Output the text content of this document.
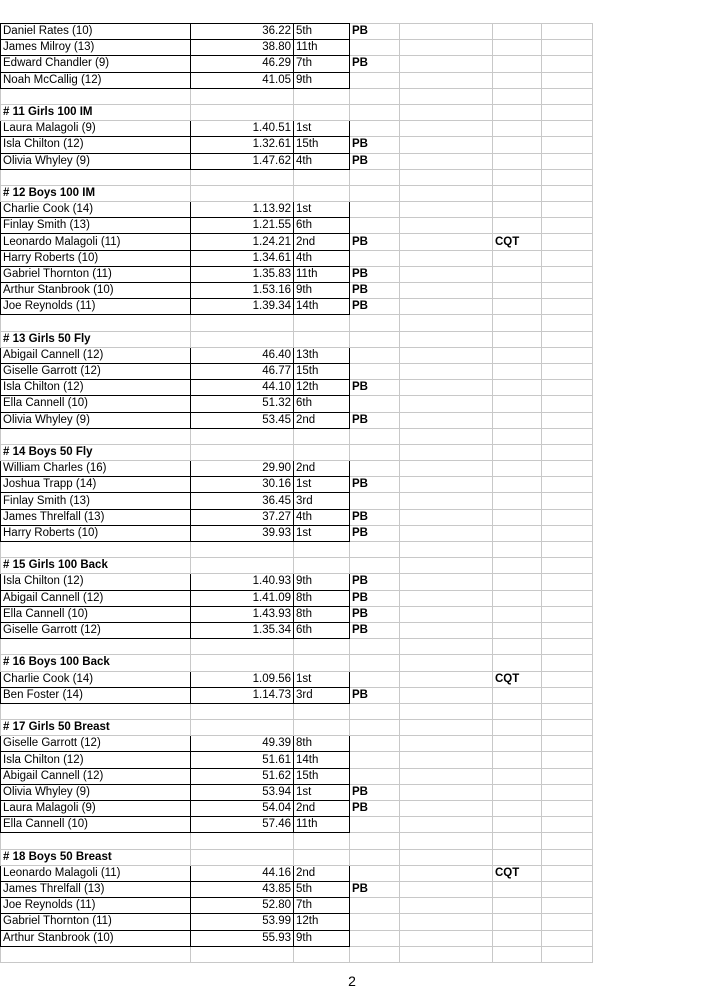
Daniel Rates (10)	36.22	5th	PB			
James Milroy (13)	38.80	11th				
Edward Chandler (9)	46.29	7th	PB			
Noah McCallig (12)	41.05	9th				

# 11 Girls 100 IM						
Laura Malagoli (9)	1.40.51	1st				
Isla Chilton (12)	1.32.61	15th	PB			
Olivia Whyley (9)	1.47.62	4th	PB			

# 12 Boys 100 IM						
Charlie Cook (14)	1.13.92	1st				
Finlay Smith (13)	1.21.55	6th				
Leonardo Malagoli (11)	1.24.21	2nd	PB		CQT	
Harry Roberts (10)	1.34.61	4th				
Gabriel Thornton (11)	1.35.83	11th	PB			
Arthur Stanbrook (10)	1.53.16	9th	PB			
Joe Reynolds (11)	1.39.34	14th	PB			

# 13 Girls 50 Fly						
Abigail Cannell (12)	46.40	13th				
Giselle Garrott (12)	46.77	15th				
Isla Chilton (12)	44.10	12th	PB			
Ella Cannell (10)	51.32	6th				
Olivia Whyley (9)	53.45	2nd	PB			

# 14 Boys 50 Fly						
William Charles (16)	29.90	2nd				
Joshua Trapp (14)	30.16	1st	PB			
Finlay Smith (13)	36.45	3rd				
James Threlfall (13)	37.27	4th	PB			
Harry Roberts (10)	39.93	1st	PB			

# 15 Girls 100 Back						
Isla Chilton (12)	1.40.93	9th	PB			
Abigail Cannell (12)	1.41.09	8th	PB			
Ella Cannell (10)	1.43.93	8th	PB			
Giselle Garrott (12)	1.35.34	6th	PB			

# 16 Boys 100 Back						
Charlie Cook (14)	1.09.56	1st			CQT	
Ben Foster (14)	1.14.73	3rd	PB			

# 17 Girls 50 Breast						
Giselle Garrott (12)	49.39	8th				
Isla Chilton (12)	51.61	14th				
Abigail Cannell (12)	51.62	15th				
Olivia Whyley (9)	53.94	1st	PB			
Laura Malagoli (9)	54.04	2nd	PB			
Ella Cannell (10)	57.46	11th				

# 18 Boys 50 Breast						
Leonardo Malagoli (11)	44.16	2nd			CQT	
James Threlfall (13)	43.85	5th	PB			
Joe Reynolds (11)	52.80	7th				
Gabriel Thornton (11)	53.99	12th				
Arthur Stanbrook (10)	55.93	9th				

2
